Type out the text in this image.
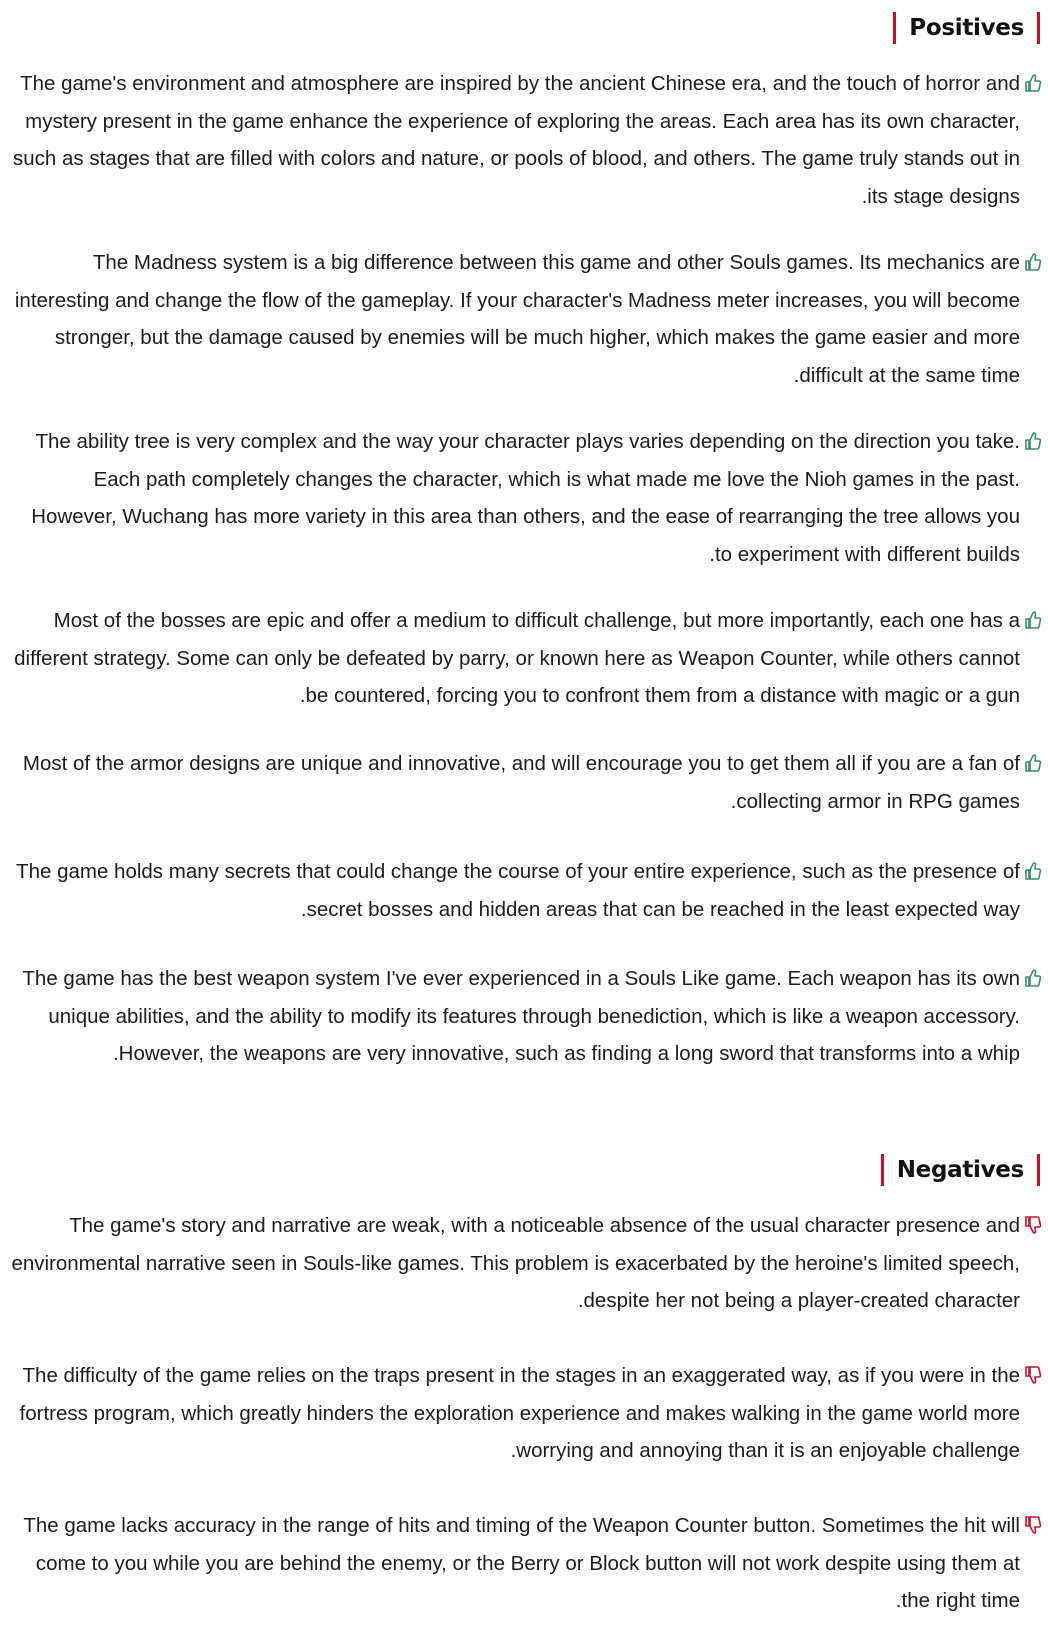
Positives
The game's environment and atmosphere are inspired by the ancient Chinese era, and the touch of horror and mystery present in the game enhance the experience of exploring the areas. Each area has its own character, such as stages that are filled with colors and nature, or pools of blood, and others. The game truly stands out in its stage designs.
The Madness system is a big difference between this game and other Souls games. Its mechanics are interesting and change the flow of the gameplay. If your character's Madness meter increases, you will become stronger, but the damage caused by enemies will be much higher, which makes the game easier and more difficult at the same time.
The ability tree is very complex and the way your character plays varies depending on the direction you take. Each path completely changes the character, which is what made me love the Nioh games in the past. However, Wuchang has more variety in this area than others, and the ease of rearranging the tree allows you to experiment with different builds.
Most of the bosses are epic and offer a medium to difficult challenge, but more importantly, each one has a different strategy. Some can only be defeated by parry, or known here as Weapon Counter, while others cannot be countered, forcing you to confront them from a distance with magic or a gun.
Most of the armor designs are unique and innovative, and will encourage you to get them all if you are a fan of collecting armor in RPG games.
The game holds many secrets that could change the course of your entire experience, such as the presence of secret bosses and hidden areas that can be reached in the least expected way.
The game has the best weapon system I've ever experienced in a Souls Like game. Each weapon has its own unique abilities, and the ability to modify its features through benediction, which is like a weapon accessory. However, the weapons are very innovative, such as finding a long sword that transforms into a whip.
Negatives
The game's story and narrative are weak, with a noticeable absence of the usual character presence and environmental narrative seen in Souls-like games. This problem is exacerbated by the heroine's limited speech, despite her not being a player-created character.
The difficulty of the game relies on the traps present in the stages in an exaggerated way, as if you were in the fortress program, which greatly hinders the exploration experience and makes walking in the game world more worrying and annoying than it is an enjoyable challenge.
The game lacks accuracy in the range of hits and timing of the Weapon Counter button. Sometimes the hit will come to you while you are behind the enemy, or the Berry or Block button will not work despite using them at the right time.
